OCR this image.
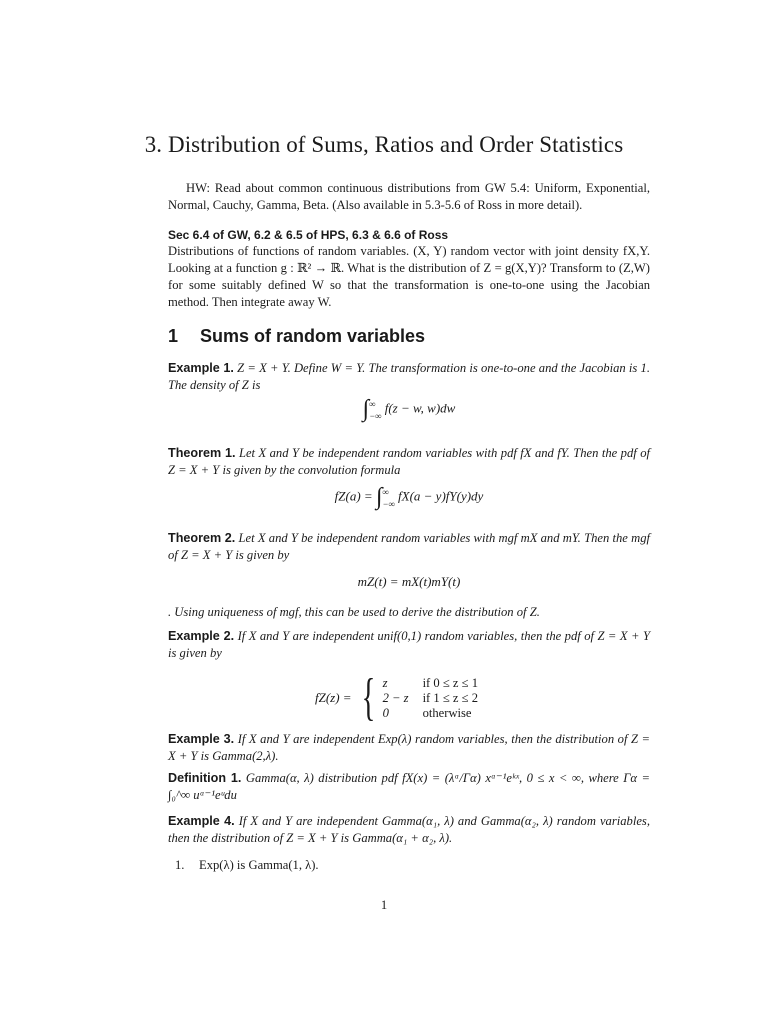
3. Distribution of Sums, Ratios and Order Statistics
HW: Read about common continuous distributions from GW 5.4: Uniform, Exponential, Normal, Cauchy, Gamma, Beta. (Also available in 5.3-5.6 of Ross in more detail).
Sec 6.4 of GW, 6.2 & 6.5 of HPS, 6.3 & 6.6 of Ross
Distributions of functions of random variables. (X, Y) random vector with joint density fX,Y. Looking at a function g : ℝ² → ℝ. What is the distribution of Z = g(X,Y)? Transform to (Z,W) for some suitably defined W so that the transformation is one-to-one using the Jacobian method. Then integrate away W.
1 Sums of random variables
Example 1. Z = X + Y. Define W = Y. The transformation is one-to-one and the Jacobian is 1. The density of Z is
∫∞
−∞f(z − w, w)dw
Theorem 1. Let X and Y be independent random variables with pdf fX and fY. Then the pdf of Z = X + Y is given by the convolution formula
fZ(a) = ∫∞
−∞fX(a − y)fY(y)dy
Theorem 2. Let X and Y be independent random variables with mgf mX and mY. Then the mgf of Z = X + Y is given by
mZ(t) = mX(t)mY(t)
. Using uniqueness of mgf, this can be used to derive the distribution of Z.
Example 2. If X and Y are independent unif(0,1) random variables, then the pdf of Z = X + Y is given by
fZ(z) = { z	if 0 ≤ z ≤ 1
2 − z	if 1 ≤ z ≤ 2
0	otherwise
Example 3. If X and Y are independent Exp(λ) random variables, then the distribution of Z = X + Y is Gamma(2,λ).
Definition 1. Gamma(α, λ) distribution pdf fX(x) = (λᵅ/Γα) xᵅ⁻¹eᵏˣ, 0 ≤ x < ∞, where Γα = ∫₀^∞ uᵅ⁻¹eᵘdu
Example 4. If X and Y are independent Gamma(α₁, λ) and Gamma(α₂, λ) random variables, then the distribution of Z = X + Y is Gamma(α₁ + α₂, λ).
1. Exp(λ) is Gamma(1, λ).
1
